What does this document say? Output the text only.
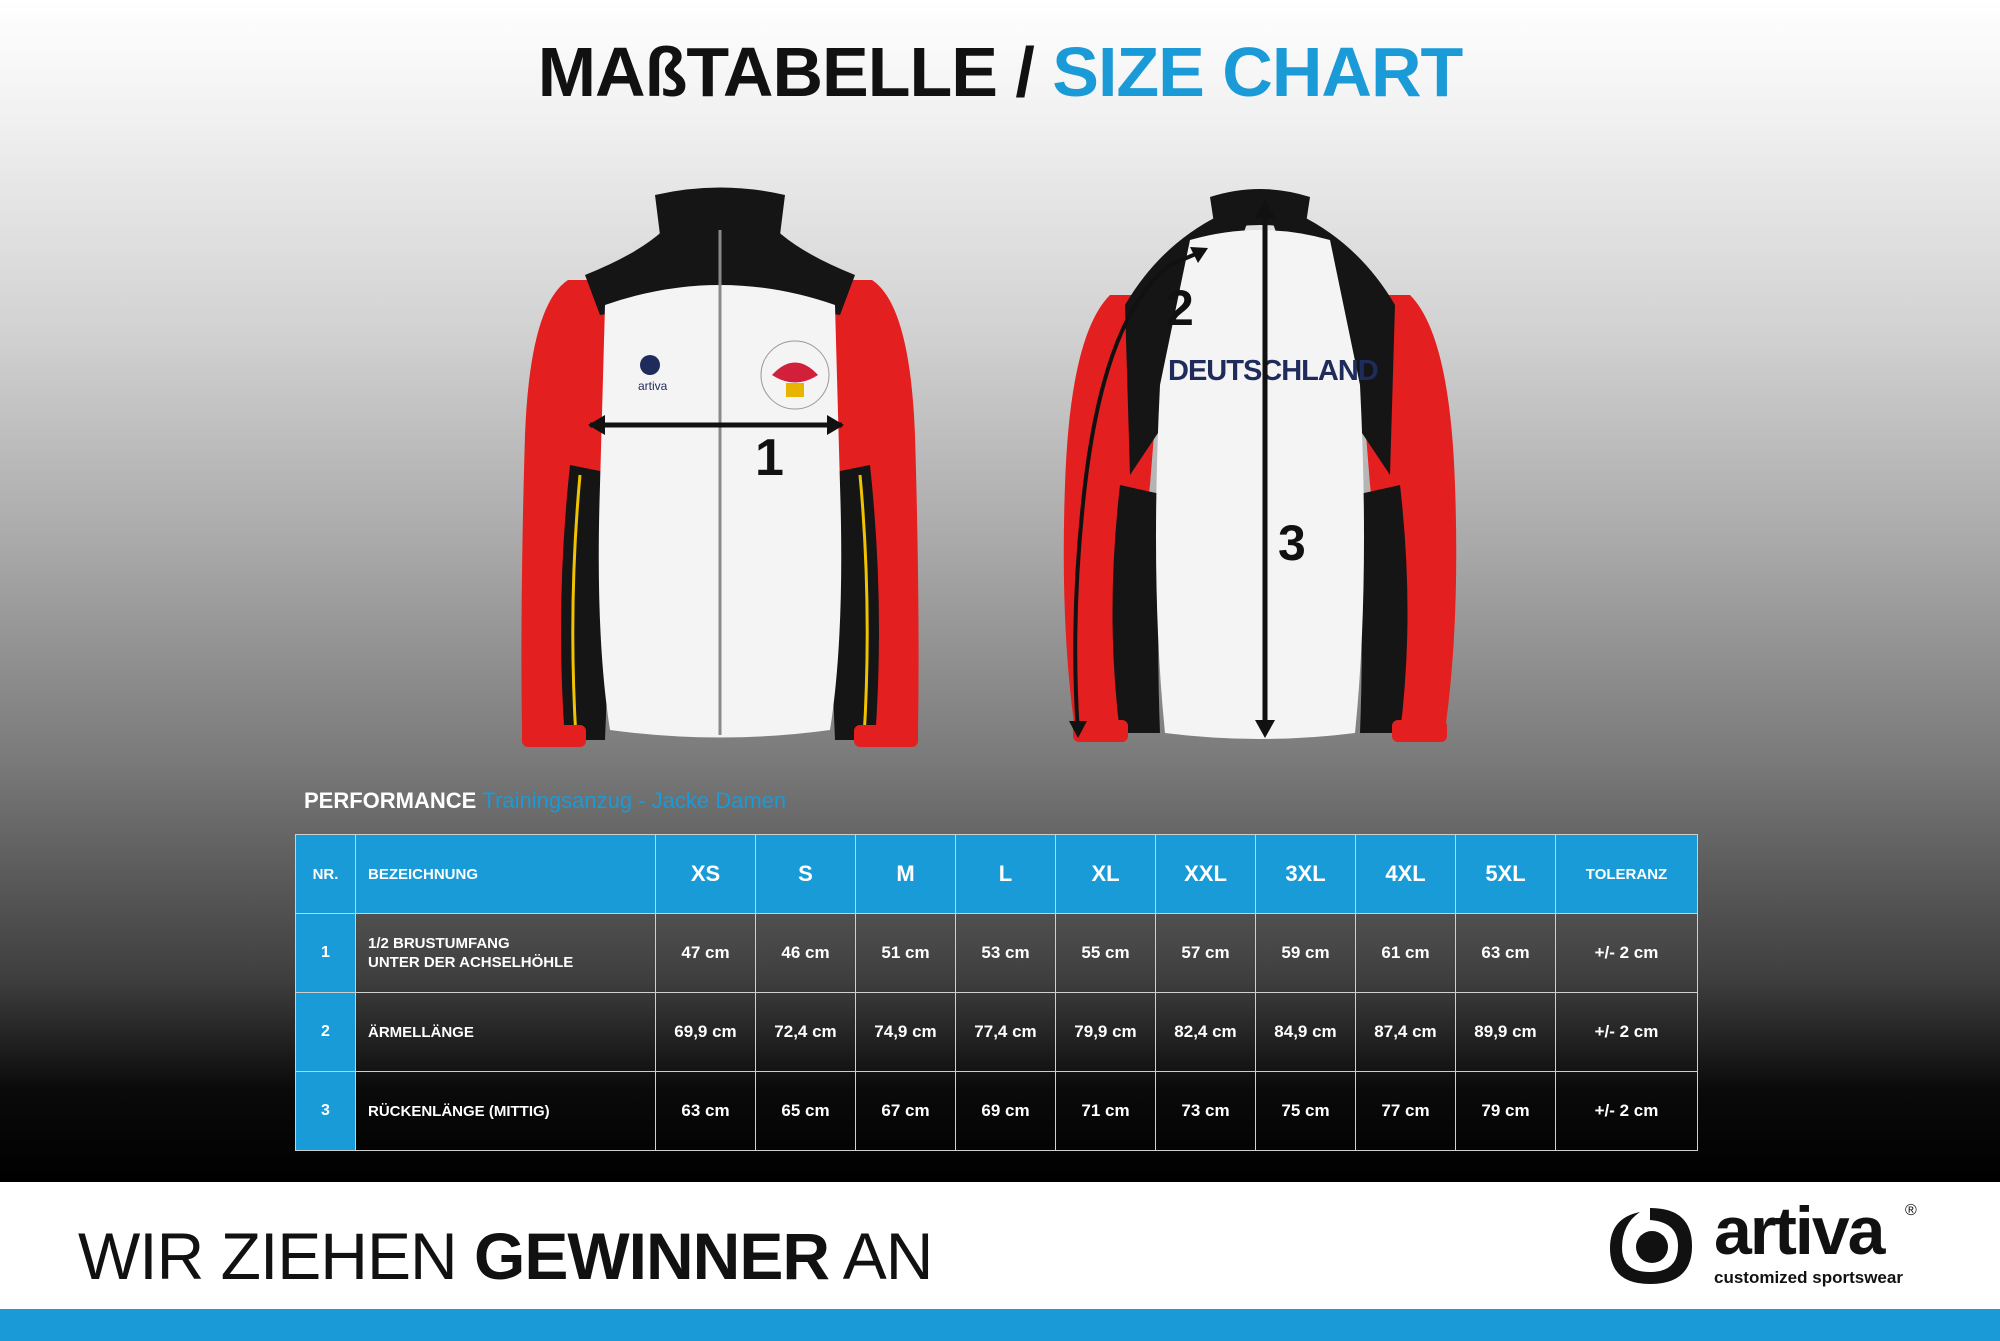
MAßTABELLE / SIZE CHART
artiva
1
DEUTSCHLAND
3
2
PERFORMANCE Trainingsanzug - Jacke Damen
NR.	BEZEICHNUNG	XS	S	M	L	XL	XXL	3XL	4XL	5XL	TOLERANZ
1	1/2 BRUSTUMFANG
UNTER DER ACHSELHÖHLE	47 cm	46 cm	51 cm	53 cm	55 cm	57 cm	59 cm	61 cm	63 cm	+/- 2 cm
2	ÄRMELLÄNGE	69,9 cm	72,4 cm	74,9 cm	77,4 cm	79,9 cm	82,4 cm	84,9 cm	87,4 cm	89,9 cm	+/- 2 cm
3	RÜCKENLÄNGE (MITTIG)	63 cm	65 cm	67 cm	69 cm	71 cm	73 cm	75 cm	77 cm	79 cm	+/- 2 cm
WIR ZIEHEN GEWINNER AN	artiva ®
customized sportswear
